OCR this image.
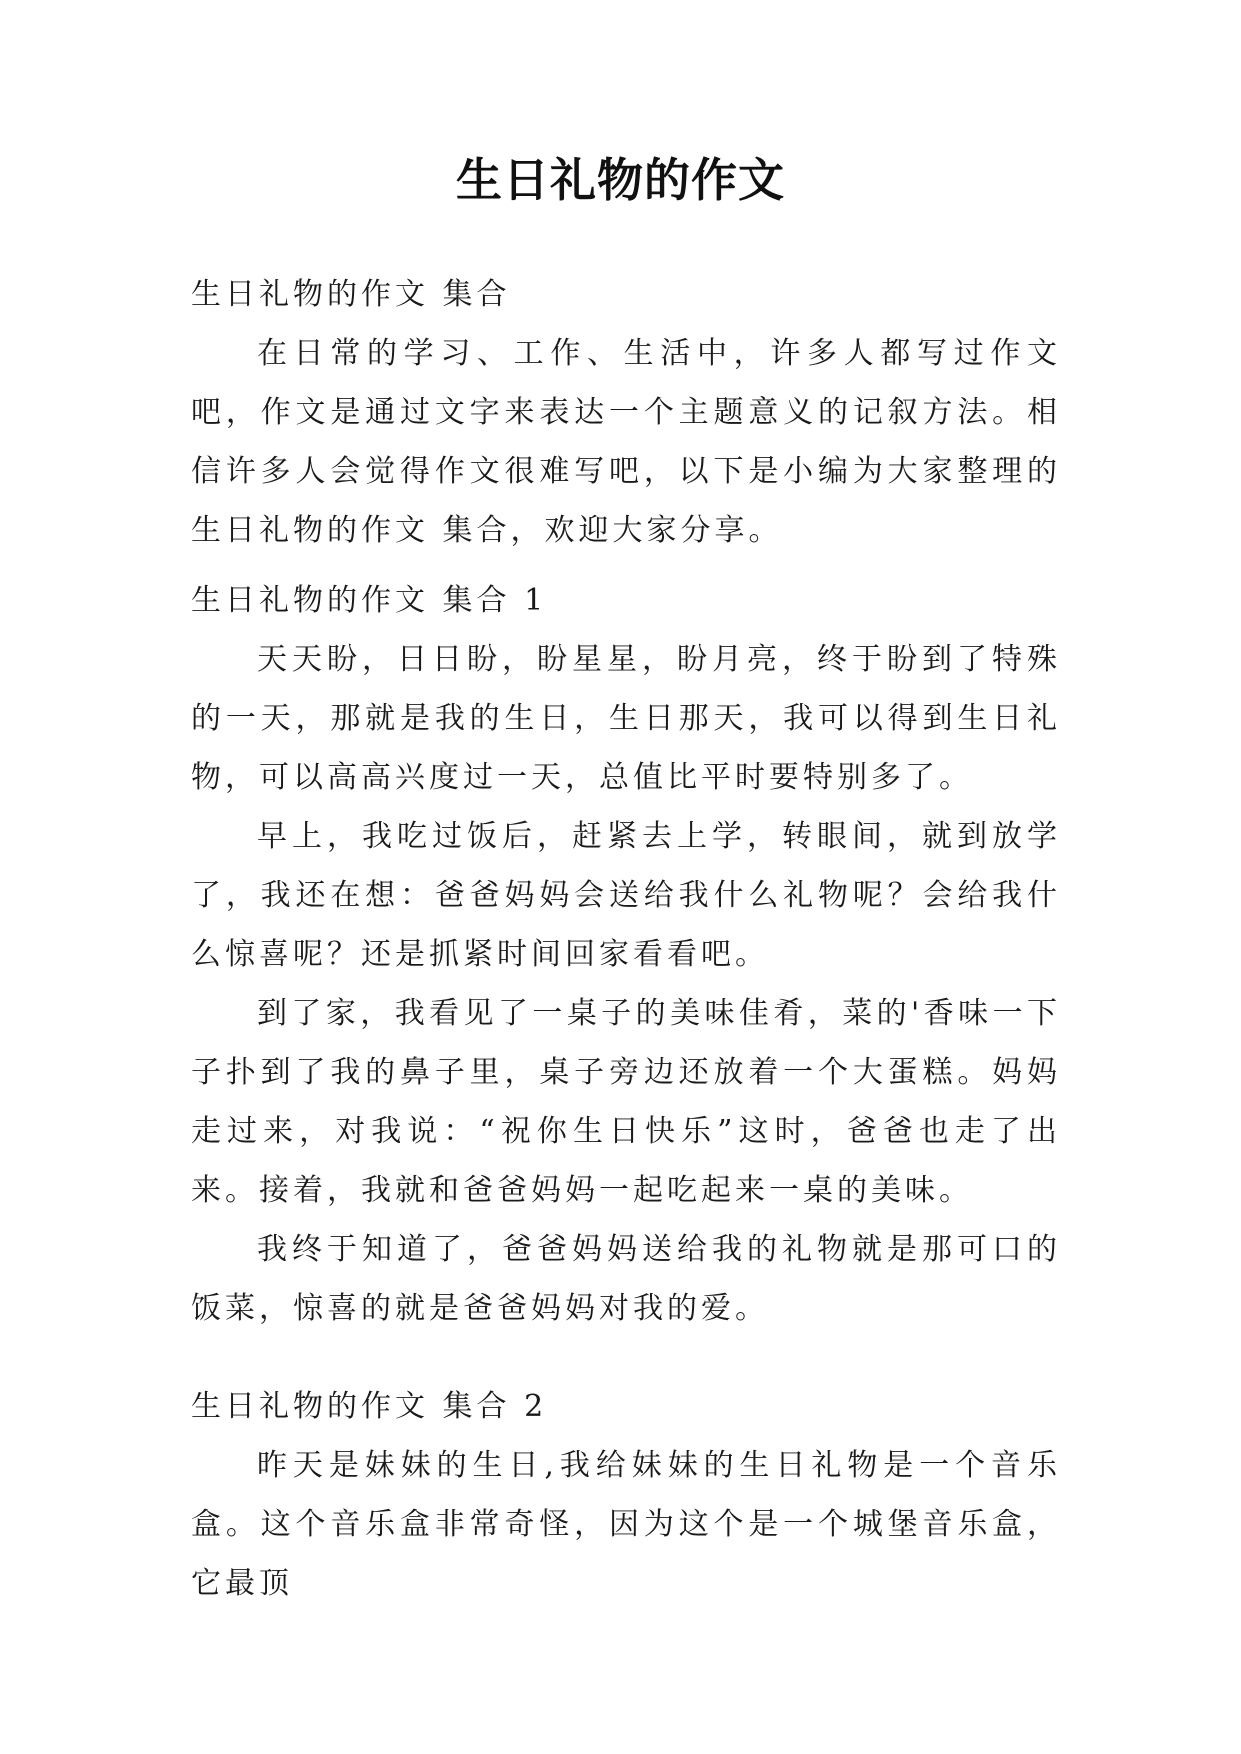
生日礼物的作文

生日礼物的作文 集合

在日常的学习、工作、生活中，许多人都写过作文吧，作文是通过文字来表达一个主题意义的记叙方法。相信许多人会觉得作文很难写吧，以下是小编为大家整理的生日礼物的作文 集合，欢迎大家分享。

生日礼物的作文 集合 1

天天盼，日日盼，盼星星，盼月亮，终于盼到了特殊的一天，那就是我的生日，生日那天，我可以得到生日礼物，可以高高兴度过一天，总值比平时要特别多了。

早上，我吃过饭后，赶紧去上学，转眼间，就到放学了，我还在想：爸爸妈妈会送给我什么礼物呢？会给我什么惊喜呢？还是抓紧时间回家看看吧。

到了家，我看见了一桌子的美味佳肴，菜的'香味一下子扑到了我的鼻子里，桌子旁边还放着一个大蛋糕。妈妈走过来，对我说：“祝你生日快乐”这时，爸爸也走了出来。接着，我就和爸爸妈妈一起吃起来一桌的美味。

我终于知道了，爸爸妈妈送给我的礼物就是那可口的饭菜，惊喜的就是爸爸妈妈对我的爱。

生日礼物的作文 集合 2

昨天是妹妹的生日,我给妹妹的生日礼物是一个音乐盒。这个音乐盒非常奇怪，因为这个是一个城堡音乐盒，它最顶
